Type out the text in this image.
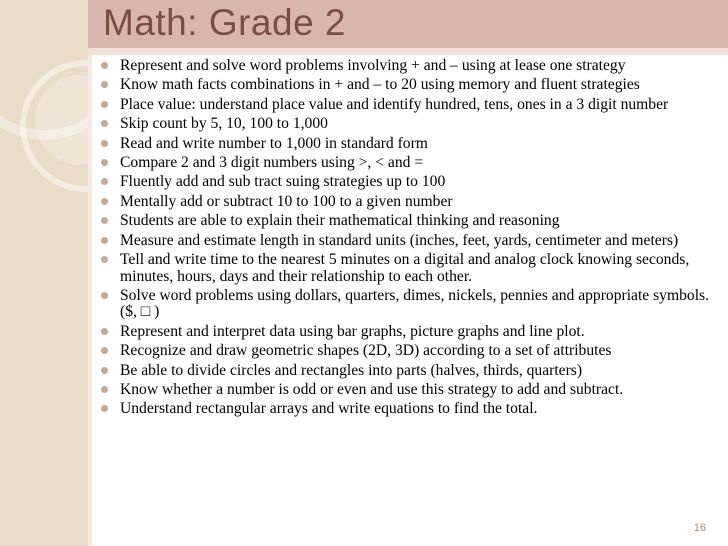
Math: Grade 2
Represent and solve word problems involving + and – using at lease one strategy
Know math facts combinations in + and – to 20 using memory and fluent strategies
Place value: understand place value and identify hundred, tens, ones in a 3 digit number
Skip count by 5, 10, 100 to 1,000
Read and write number to 1,000 in standard form
Compare 2 and 3 digit numbers using >, < and =
Fluently add and sub tract suing strategies up to 100
Mentally add or subtract 10 to 100 to a given number
Students are able to explain their mathematical thinking and reasoning
Measure and estimate length in standard units (inches, feet, yards, centimeter and meters)
Tell and write time to the nearest 5 minutes on a digital and analog clock knowing seconds, minutes, hours, days and their relationship to each other.
Solve word problems using dollars, quarters, dimes, nickels, pennies and appropriate symbols. ($, □ )
Represent and interpret data using bar graphs, picture graphs and line plot.
Recognize and draw geometric shapes (2D, 3D) according to a set of attributes
Be able to divide circles and rectangles into parts (halves, thirds, quarters)
Know whether a number is odd or even and use this strategy to add and subtract.
Understand rectangular arrays and write equations to find the total.
16
